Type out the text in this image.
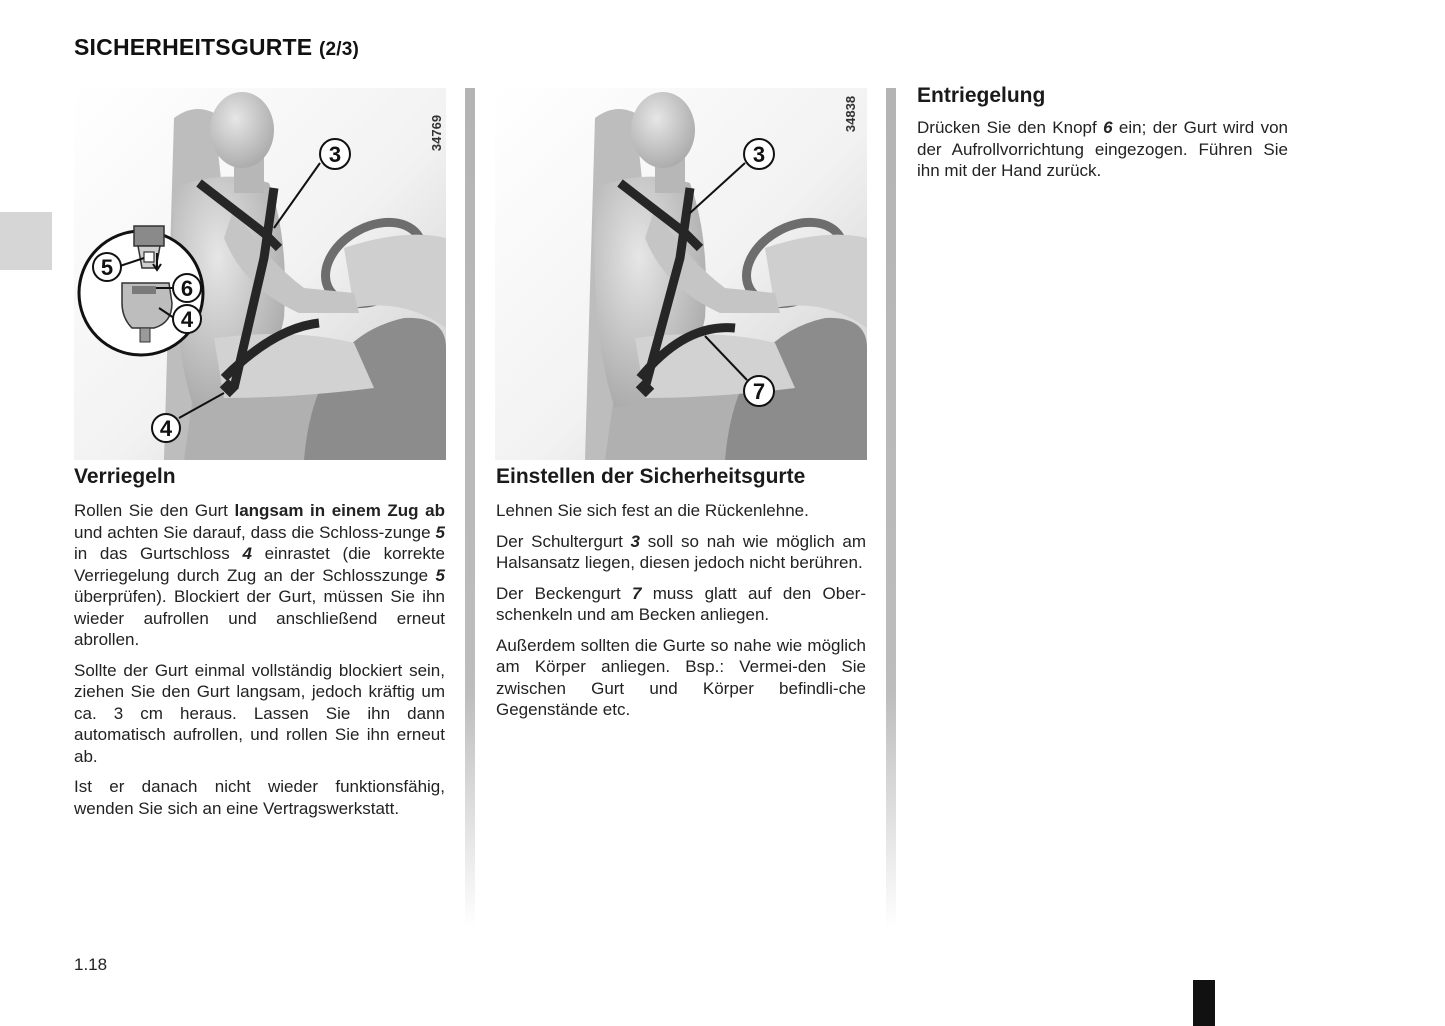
SICHERHEITSGURTE (2/3)
3
5
6
4
4
34769
3
7
34838
Verriegeln

Rollen Sie den Gurt langsam in einem Zug ab und achten Sie darauf, dass die Schloss-zunge 5 in das Gurtschloss 4 einrastet (die korrekte Verriegelung durch Zug an der Schlosszunge 5 überprüfen). Blockiert der Gurt, müssen Sie ihn wieder aufrollen und anschließend erneut abrollen.

Sollte der Gurt einmal vollständig blockiert sein, ziehen Sie den Gurt langsam, jedoch kräftig um ca. 3 cm heraus. Lassen Sie ihn dann automatisch aufrollen, und rollen Sie ihn erneut ab.

Ist er danach nicht wieder funktionsfähig, wenden Sie sich an eine Vertragswerkstatt.

Einstellen der Sicherheitsgurte

Lehnen Sie sich fest an die Rückenlehne.

Der Schultergurt 3 soll so nah wie möglich am Halsansatz liegen, diesen jedoch nicht berühren.

Der Beckengurt 7 muss glatt auf den Ober-schenkeln und am Becken anliegen.

Außerdem sollten die Gurte so nahe wie möglich am Körper anliegen. Bsp.: Vermei-den Sie zwischen Gurt und Körper befindli-che Gegenstände etc.

Entriegelung

Drücken Sie den Knopf 6 ein; der Gurt wird von der Aufrollvorrichtung eingezogen. Führen Sie ihn mit der Hand zurück.

1.18
